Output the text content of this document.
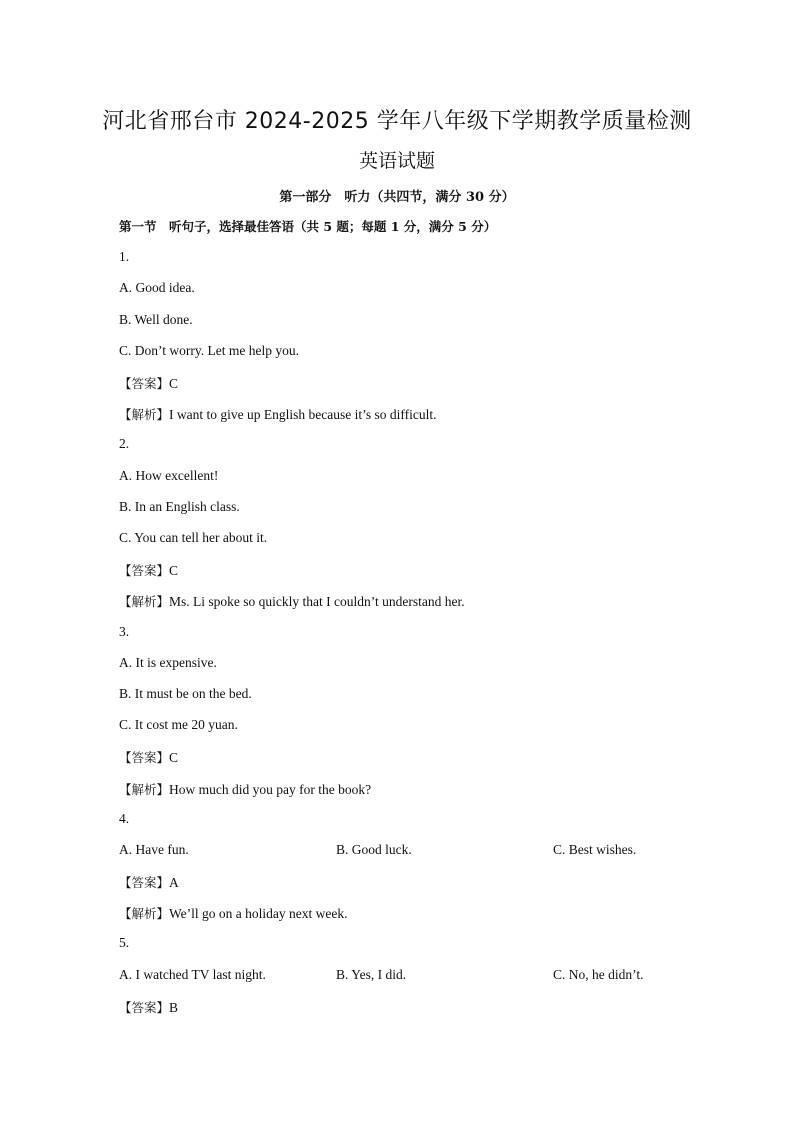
河北省邢台市 2024-2025 学年八年级下学期教学质量检测
英语试题
第一部分　听力（共四节，满分 30 分）
第一节　听句子，选择最佳答语（共 5 题；每题 1 分，满分 5 分）
1.
A. Good idea.
B. Well done.
C. Don’t worry. Let me help you.
【答案】C
【解析】I want to give up English because it’s so difficult.
2.
A. How excellent!
B. In an English class.
C. You can tell her about it.
【答案】C
【解析】Ms. Li spoke so quickly that I couldn’t understand her.
3.
A. It is expensive.
B. It must be on the bed.
C. It cost me 20 yuan.
【答案】C
【解析】How much did you pay for the book?
4.
A. Have fun.	B. Good luck.	C. Best wishes.
【答案】A
【解析】We’ll go on a holiday next week.
5.
A. I watched TV last night.	B. Yes, I did.	C. No, he didn’t.
【答案】B
